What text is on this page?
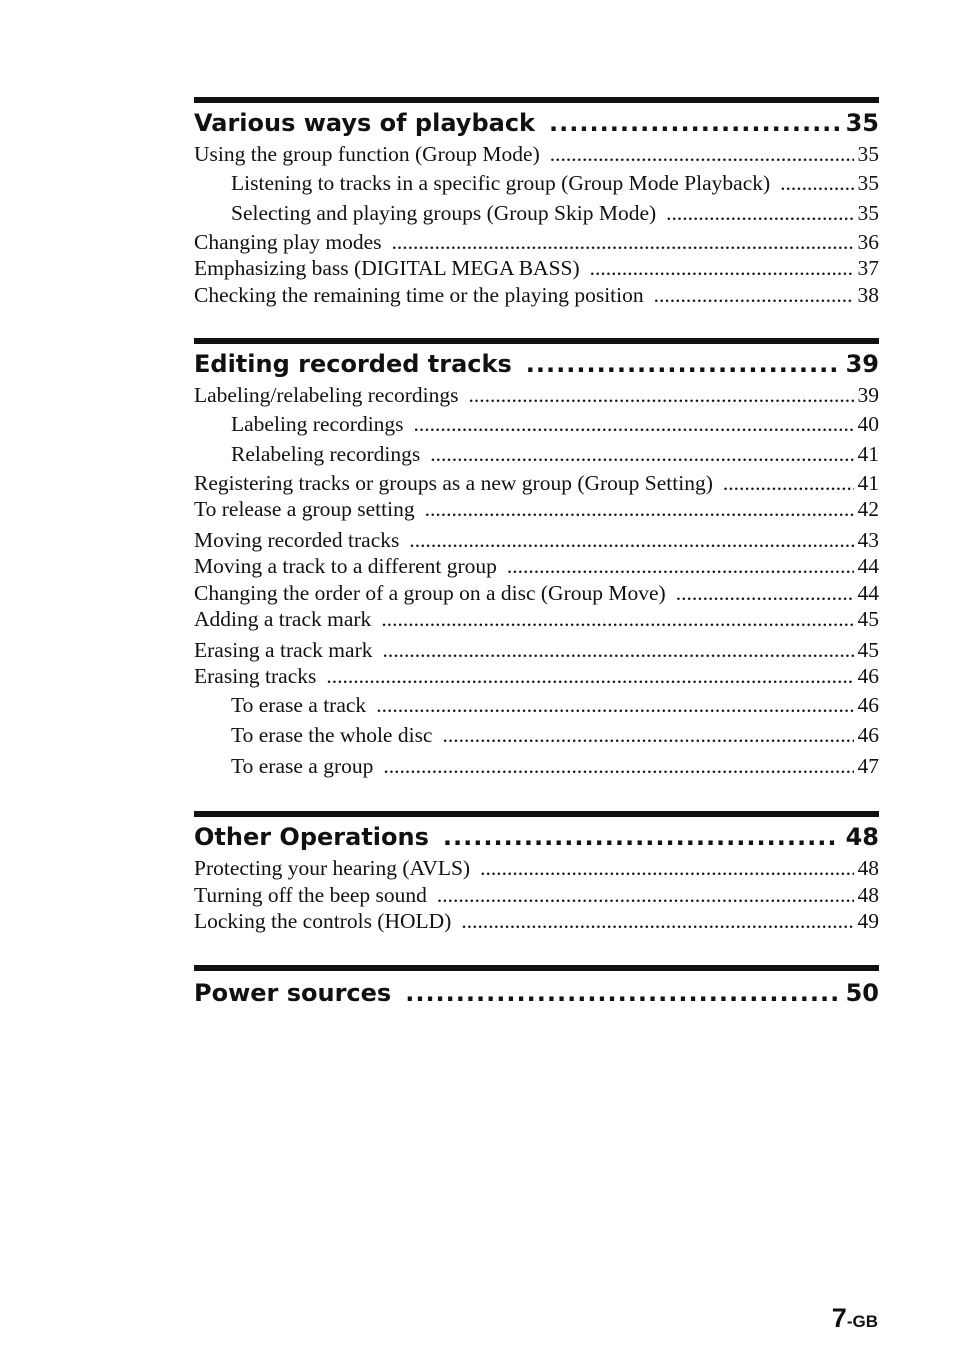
Various ways of playback .....	35
Using the group function (Group Mode) .....	35
Listening to tracks in a specific group (Group Mode Playback) .....	35
Selecting and playing groups (Group Skip Mode) .....	35
Changing play modes .....	36
Emphasizing bass (DIGITAL MEGA BASS) .....	37
Checking the remaining time or the playing position .....	38
Editing recorded tracks .....	39
Labeling/relabeling recordings .....	39
Labeling recordings .....	40
Relabeling recordings .....	41
Registering tracks or groups as a new group (Group Setting) .....	41
To release a group setting .....	42
Moving recorded tracks .....	43
Moving a track to a different group .....	44
Changing the order of a group on a disc (Group Move) .....	44
Adding a track mark .....	45
Erasing a track mark .....	45
Erasing tracks .....	46
To erase a track .....	46
To erase the whole disc .....	46
To erase a group .....	47
Other Operations .....	48
Protecting your hearing (AVLS) .....	48
Turning off the beep sound .....	48
Locking the controls (HOLD) .....	49
Power sources .....	50
7-GB
